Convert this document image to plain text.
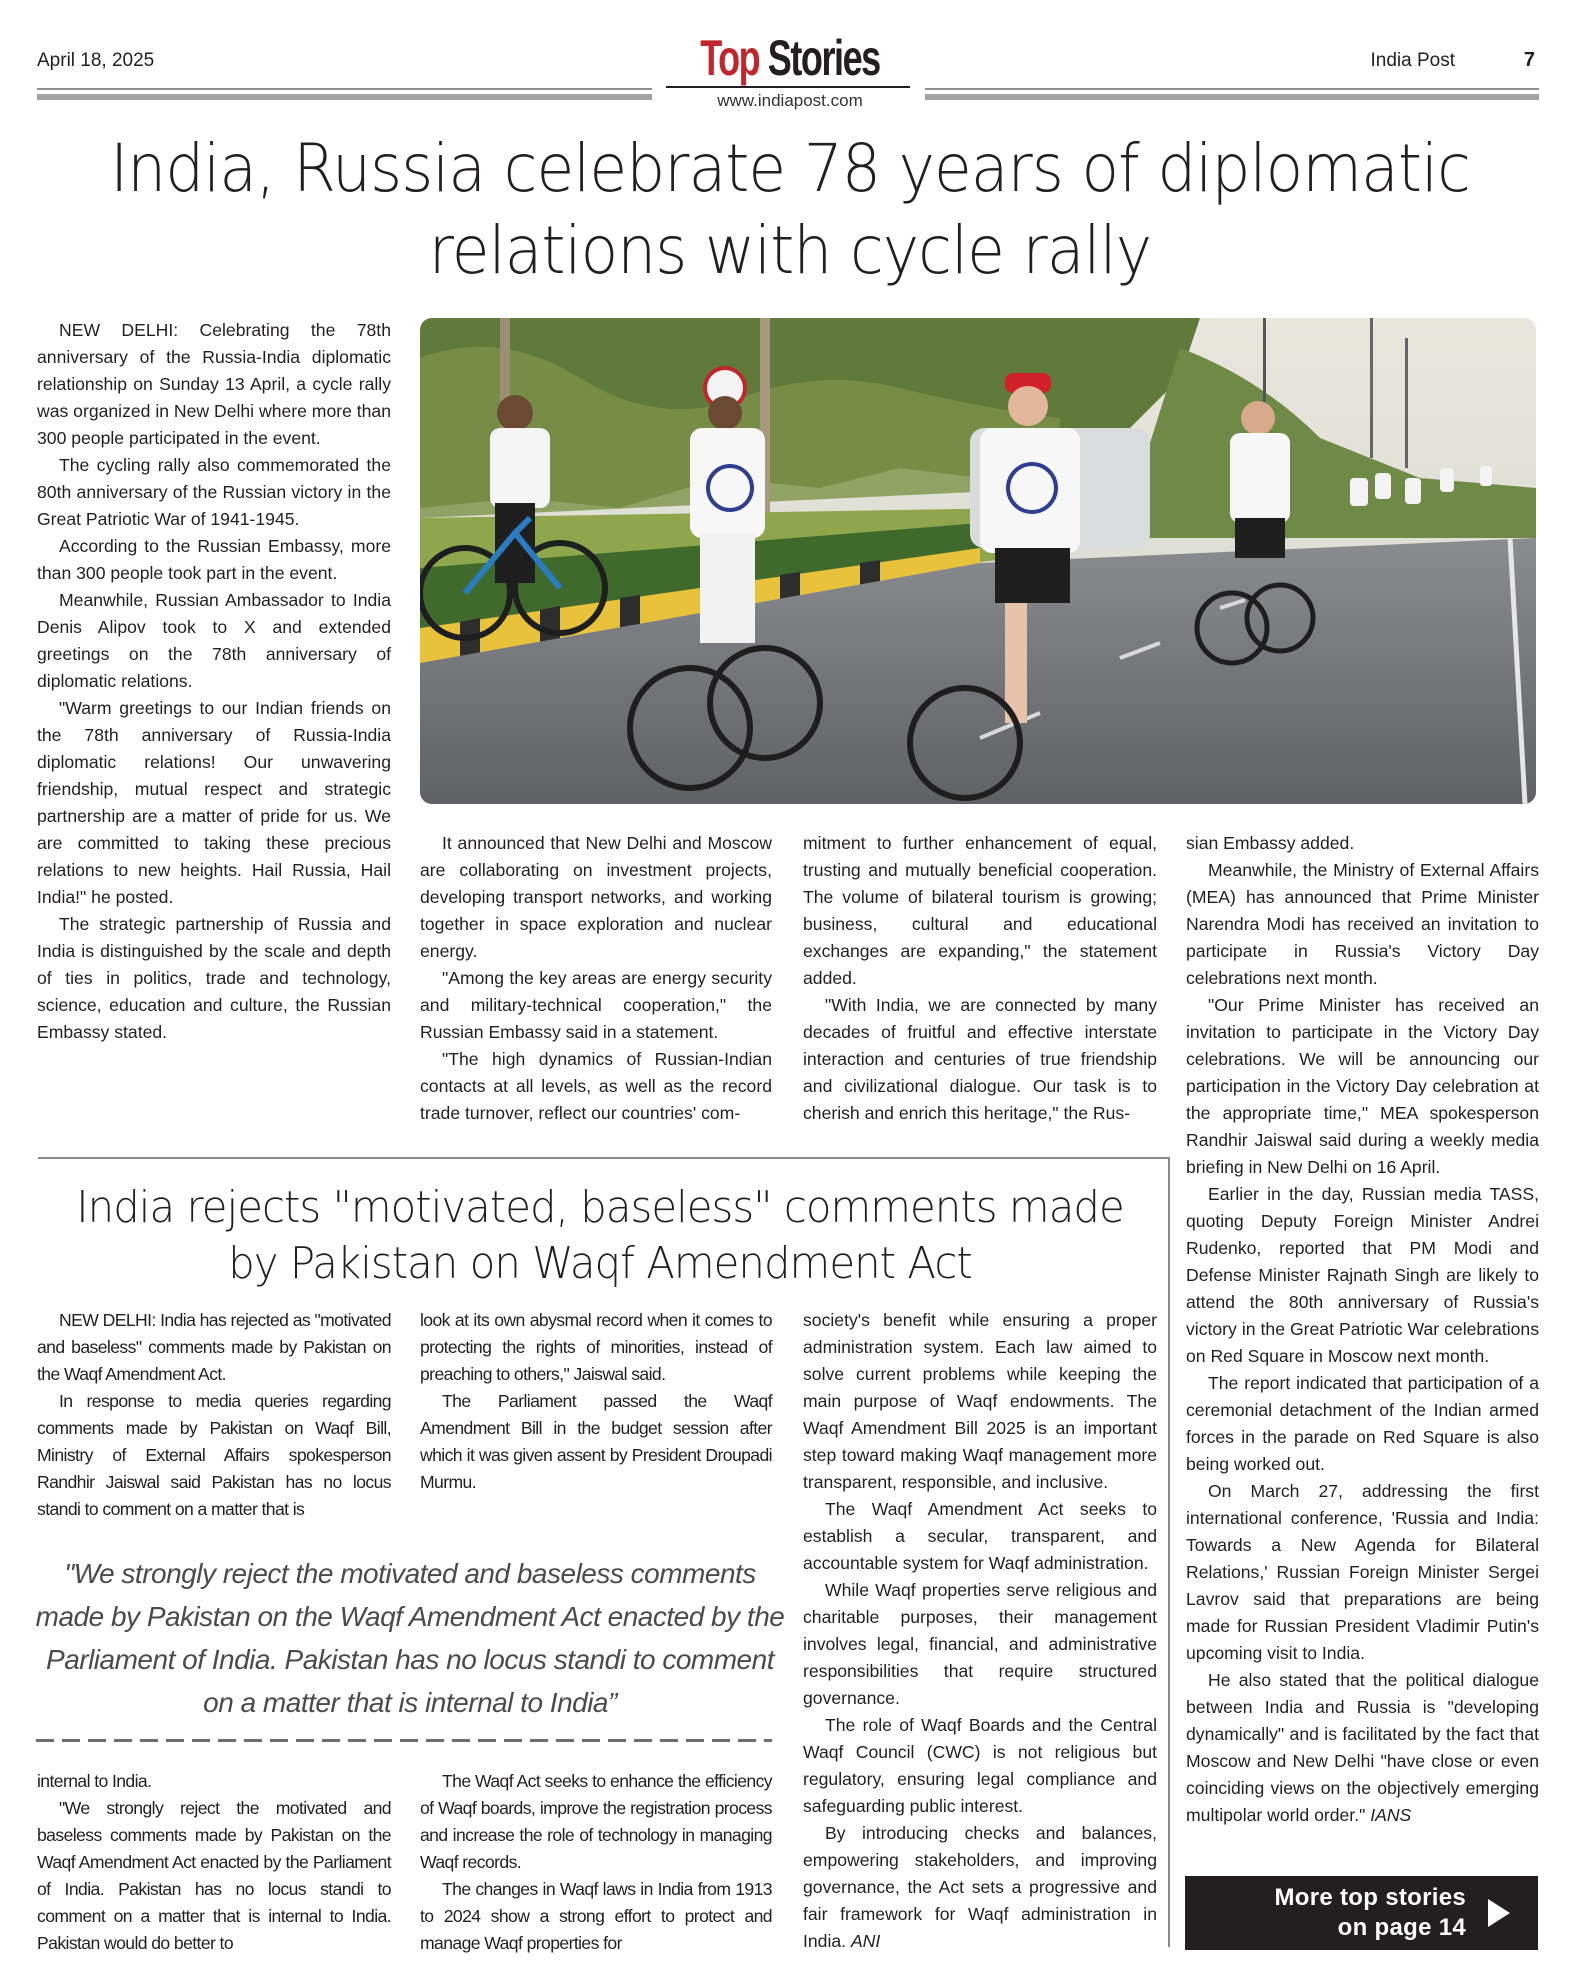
April 18, 2025	Top Stories
www.indiapost.com
India Post	7
India, Russia celebrate 78 years of diplomatic
relations with cycle rally

NEW DELHI: Celebrating the 78th anniversary of the Russia-India diplomatic relationship on Sunday 13 April, a cycle rally was organized in New Delhi where more than 300 people participated in the event.

The cycling rally also commemorated the 80th anniversary of the Russian victory in the Great Patriotic War of 1941-1945.

According to the Russian Embassy, more than 300 people took part in the event.

Meanwhile, Russian Ambassador to India Denis Alipov took to X and extended greetings on the 78th anniversary of diplomatic relations.

"Warm greetings to our Indian friends on the 78th anniversary of Russia-India diplomatic relations! Our unwavering friendship, mutual respect and strategic partnership are a matter of pride for us. We are committed to taking these precious relations to new heights. Hail Russia, Hail India!" he posted.

The strategic partnership of Russia and India is distinguished by the scale and depth of ties in politics, trade and technology, science, education and culture, the Russian Embassy stated.

It announced that New Delhi and Moscow are collaborating on investment projects, developing transport networks, and working together in space exploration and nuclear energy.

"Among the key areas are energy security and military-technical cooperation," the Russian Embassy said in a statement.

"The high dynamics of Russian-Indian contacts at all levels, as well as the record trade turnover, reflect our countries' com-

mitment to further enhancement of equal, trusting and mutually beneficial cooperation. The volume of bilateral tourism is growing; business, cultural and educational exchanges are expanding," the statement added.

"With India, we are connected by many decades of fruitful and effective interstate interaction and centuries of true friendship and civilizational dialogue. Our task is to cherish and enrich this heritage," the Rus-

sian Embassy added.

Meanwhile, the Ministry of External Affairs (MEA) has announced that Prime Minister Narendra Modi has received an invitation to participate in Russia's Victory Day celebrations next month.

"Our Prime Minister has received an invitation to participate in the Victory Day celebrations. We will be announcing our participation in the Victory Day celebration at the appropriate time," MEA spokesperson Randhir Jaiswal said during a weekly media briefing in New Delhi on 16 April.

Earlier in the day, Russian media TASS, quoting Deputy Foreign Minister Andrei Rudenko, reported that PM Modi and Defense Minister Rajnath Singh are likely to attend the 80th anniversary of Russia's victory in the Great Patriotic War celebrations on Red Square in Moscow next month.

The report indicated that participation of a ceremonial detachment of the Indian armed forces in the parade on Red Square is also being worked out.

On March 27, addressing the first international conference, 'Russia and India: Towards a New Agenda for Bilateral Relations,' Russian Foreign Minister Sergei Lavrov said that preparations are being made for Russian President Vladimir Putin's upcoming visit to India.

He also stated that the political dialogue between India and Russia is "developing dynamically" and is facilitated by the fact that Moscow and New Delhi "have close or even coinciding views on the objectively emerging multipolar world order." IANS

India rejects "motivated, baseless" comments made
by Pakistan on Waqf Amendment Act

NEW DELHI: India has rejected as "motivated and baseless" comments made by Pakistan on the Waqf Amendment Act.

In response to media queries regarding comments made by Pakistan on Waqf Bill, Ministry of External Affairs spokesperson Randhir Jaiswal said Pakistan has no locus standi to comment on a matter that is

look at its own abysmal record when it comes to protecting the rights of minorities, instead of preaching to others," Jaiswal said.

The Parliament passed the Waqf Amendment Bill in the budget session after which it was given assent by President Droupadi Murmu.

"We strongly reject the motivated and baseless comments made by Pakistan on the Waqf Amendment Act enacted by the Parliament of India. Pakistan has no locus standi to comment on a matter that is internal to India”

internal to India.

"We strongly reject the motivated and baseless comments made by Pakistan on the Waqf Amendment Act enacted by the Parliament of India. Pakistan has no locus standi to comment on a matter that is internal to India. Pakistan would do better to

The Waqf Act seeks to enhance the efficiency of Waqf boards, improve the registration process and increase the role of technology in managing Waqf records.

The changes in Waqf laws in India from 1913 to 2024 show a strong effort to protect and manage Waqf properties for

society's benefit while ensuring a proper administration system. Each law aimed to solve current problems while keeping the main purpose of Waqf endowments. The Waqf Amendment Bill 2025 is an important step toward making Waqf management more transparent, responsible, and inclusive.

The Waqf Amendment Act seeks to establish a secular, transparent, and accountable system for Waqf administration.

While Waqf properties serve religious and charitable purposes, their management involves legal, financial, and administrative responsibilities that require structured governance.

The role of Waqf Boards and the Central Waqf Council (CWC) is not religious but regulatory, ensuring legal compliance and safeguarding public interest.

By introducing checks and balances, empowering stakeholders, and improving governance, the Act sets a progressive and fair framework for Waqf administration in India. ANI

More top stories
on page 14
